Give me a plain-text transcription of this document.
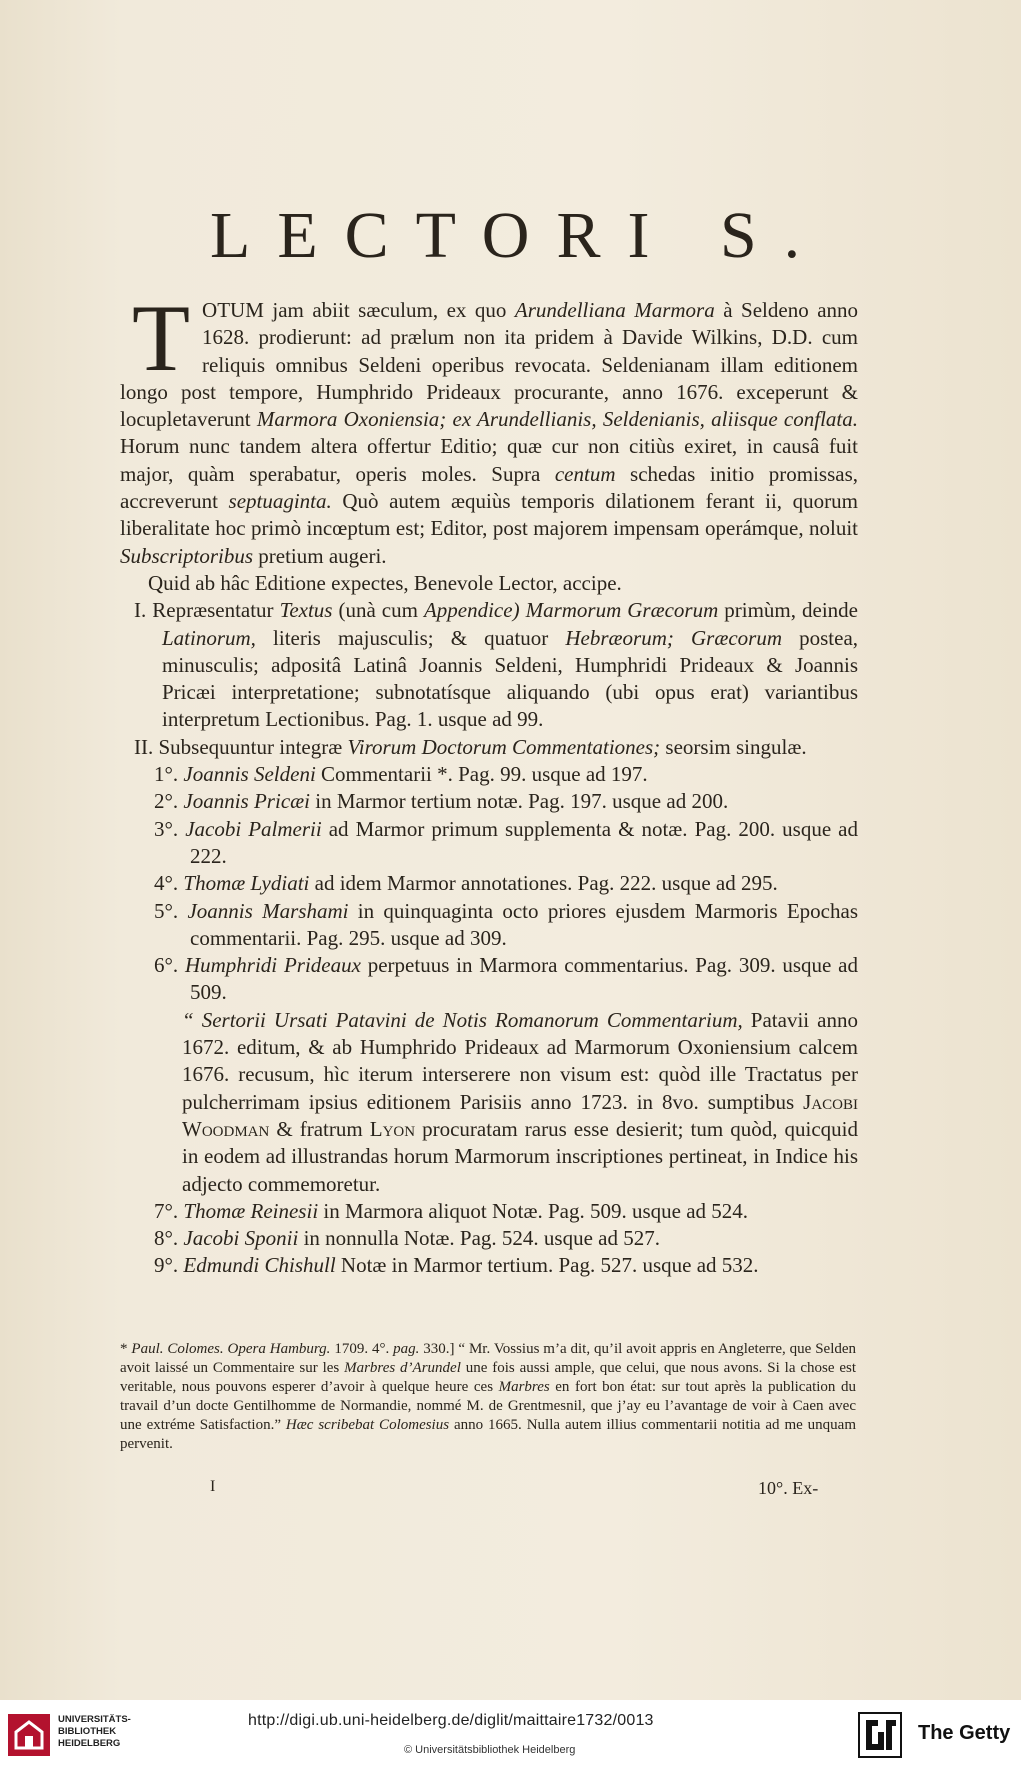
LECTORI S.

TOTUM jam abiit sæculum, ex quo Arundelliana Marmora à Seldeno anno 1628. prodierunt: ad prælum non ita pridem à Davide Wilkins, D.D. cum reliquis omnibus Seldeni operibus revocata. Seldenianam illam editionem longo post tempore, Humphrido Prideaux procurante, anno 1676. exceperunt & locupletaverunt Marmora Oxoniensia; ex Arundellianis, Seldenianis, aliisque conflata. Horum nunc tandem altera offertur Editio; quæ cur non citiùs exiret, in causâ fuit major, quàm sperabatur, operis moles. Supra centum schedas initio promissas, accreverunt septuaginta. Quò autem æquiùs temporis dilationem ferant ii, quorum liberalitate hoc primò incœptum est; Editor, post majorem impensam operámque, noluit Subscriptoribus pretium augeri.

Quid ab hâc Editione expectes, Benevole Lector, accipe.

I. Repræsentatur Textus (unà cum Appendice) Marmorum Græcorum primùm, deinde Latinorum, literis majusculis; & quatuor Hebræorum; Græcorum postea, minusculis; adpositâ Latinâ Joannis Seldeni, Humphridi Prideaux & Joannis Pricæi interpretatione; subnotatísque aliquando (ubi opus erat) variantibus interpretum Lectionibus. Pag. 1. usque ad 99.

II. Subsequuntur integræ Virorum Doctorum Commentationes; seorsim singulæ.

1°. Joannis Seldeni Commentarii *. Pag. 99. usque ad 197.

2°. Joannis Pricæi in Marmor tertium notæ. Pag. 197. usque ad 200.

3°. Jacobi Palmerii ad Marmor primum supplementa & notæ. Pag. 200. usque ad 222.

4°. Thomæ Lydiati ad idem Marmor annotationes. Pag. 222. usque ad 295.

5°. Joannis Marshami in quinquaginta octo priores ejusdem Marmoris Epochas commentarii. Pag. 295. usque ad 309.

6°. Humphridi Prideaux perpetuus in Marmora commentarius. Pag. 309. usque ad 509.

“ Sertorii Ursati Patavini de Notis Romanorum Commentarium, Patavii anno 1672. editum, & ab Humphrido Prideaux ad Marmorum Oxoniensium calcem 1676. recusum, hìc iterum interserere non visum est: quòd ille Tractatus per pulcherrimam ipsius editionem Parisiis anno 1723. in 8vo. sumptibus Jacobi Woodman & fratrum Lyon procuratam rarus esse desierit; tum quòd, quicquid in eodem ad illustrandas horum Marmorum inscriptiones pertineat, in Indice his adjecto commemoretur.

7°. Thomæ Reinesii in Marmora aliquot Notæ. Pag. 509. usque ad 524.

8°. Jacobi Sponii in nonnulla Notæ. Pag. 524. usque ad 527.

9°. Edmundi Chishull Notæ in Marmor tertium. Pag. 527. usque ad 532.

* Paul. Colomes. Opera Hamburg. 1709. 4°. pag. 330.] “ Mr. Vossius m’a dit, qu’il avoit appris en Angleterre, que Selden avoit laissé un Commentaire sur les Marbres d’Arundel une fois aussi ample, que celui, que nous avons. Si la chose est veritable, nous pouvons esperer d’avoir à quelque heure ces Marbres en fort bon état: sur tout après la publication du travail d’un docte Gentilhomme de Normandie, nommé M. de Grentmesnil, que j’ay eu l’avantage de voir à Caen avec une extréme Satisfaction.” Hæc scribebat Colomesius anno 1665. Nulla autem illius commentarii notitia ad me unquam pervenit.

I	10°. Ex-
UNIVERSITÄTS-
BIBLIOTHEK
HEIDELBERG
http://digi.ub.uni-heidelberg.de/diglit/maittaire1732/0013
© Universitätsbibliothek Heidelberg
The Getty
